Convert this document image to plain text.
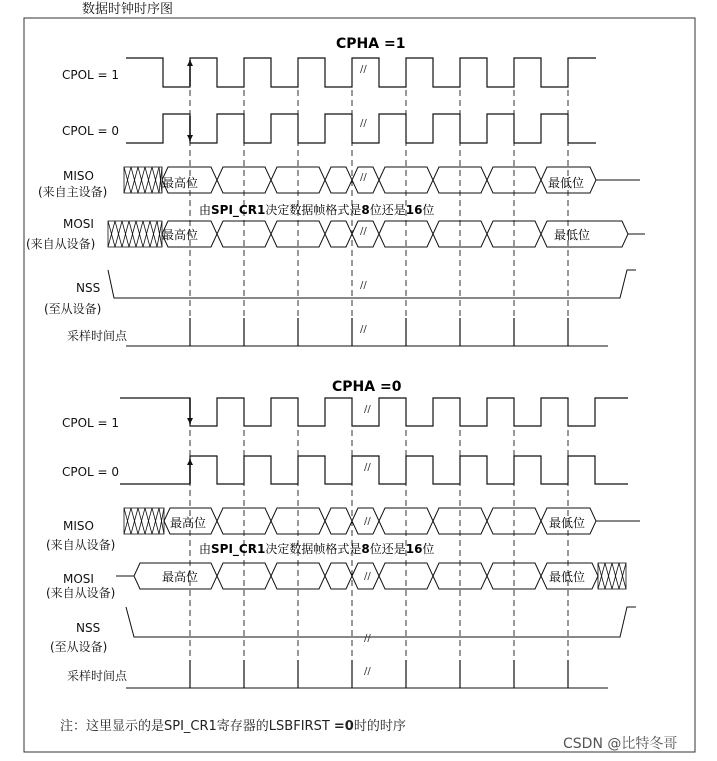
数据时钟时序图
CPHA =1
CPOL = 1
CPOL = 0
MISO
(来自主设备)
MOSI
(来自从设备)
NSS
(至从设备)
采样时间点
//
//
//
//
//
//
最高位	最低位
最高位	最低位
由SPI_CR1决定数据帧格式是8位还是16位
CPHA =0
CPOL = 1
CPOL = 0
MISO
(来自从设备)
MOSI
(来自从设备)
NSS
(至从设备)
采样时间点
//
//
//
//
//
//
最高位	最低位
最高位	最低位
由SPI_CR1决定数据帧格式是8位还是16位
注：这里显示的是SPI_CR1寄存器的LSBFIRST =0时的时序
CSDN @比特冬哥
